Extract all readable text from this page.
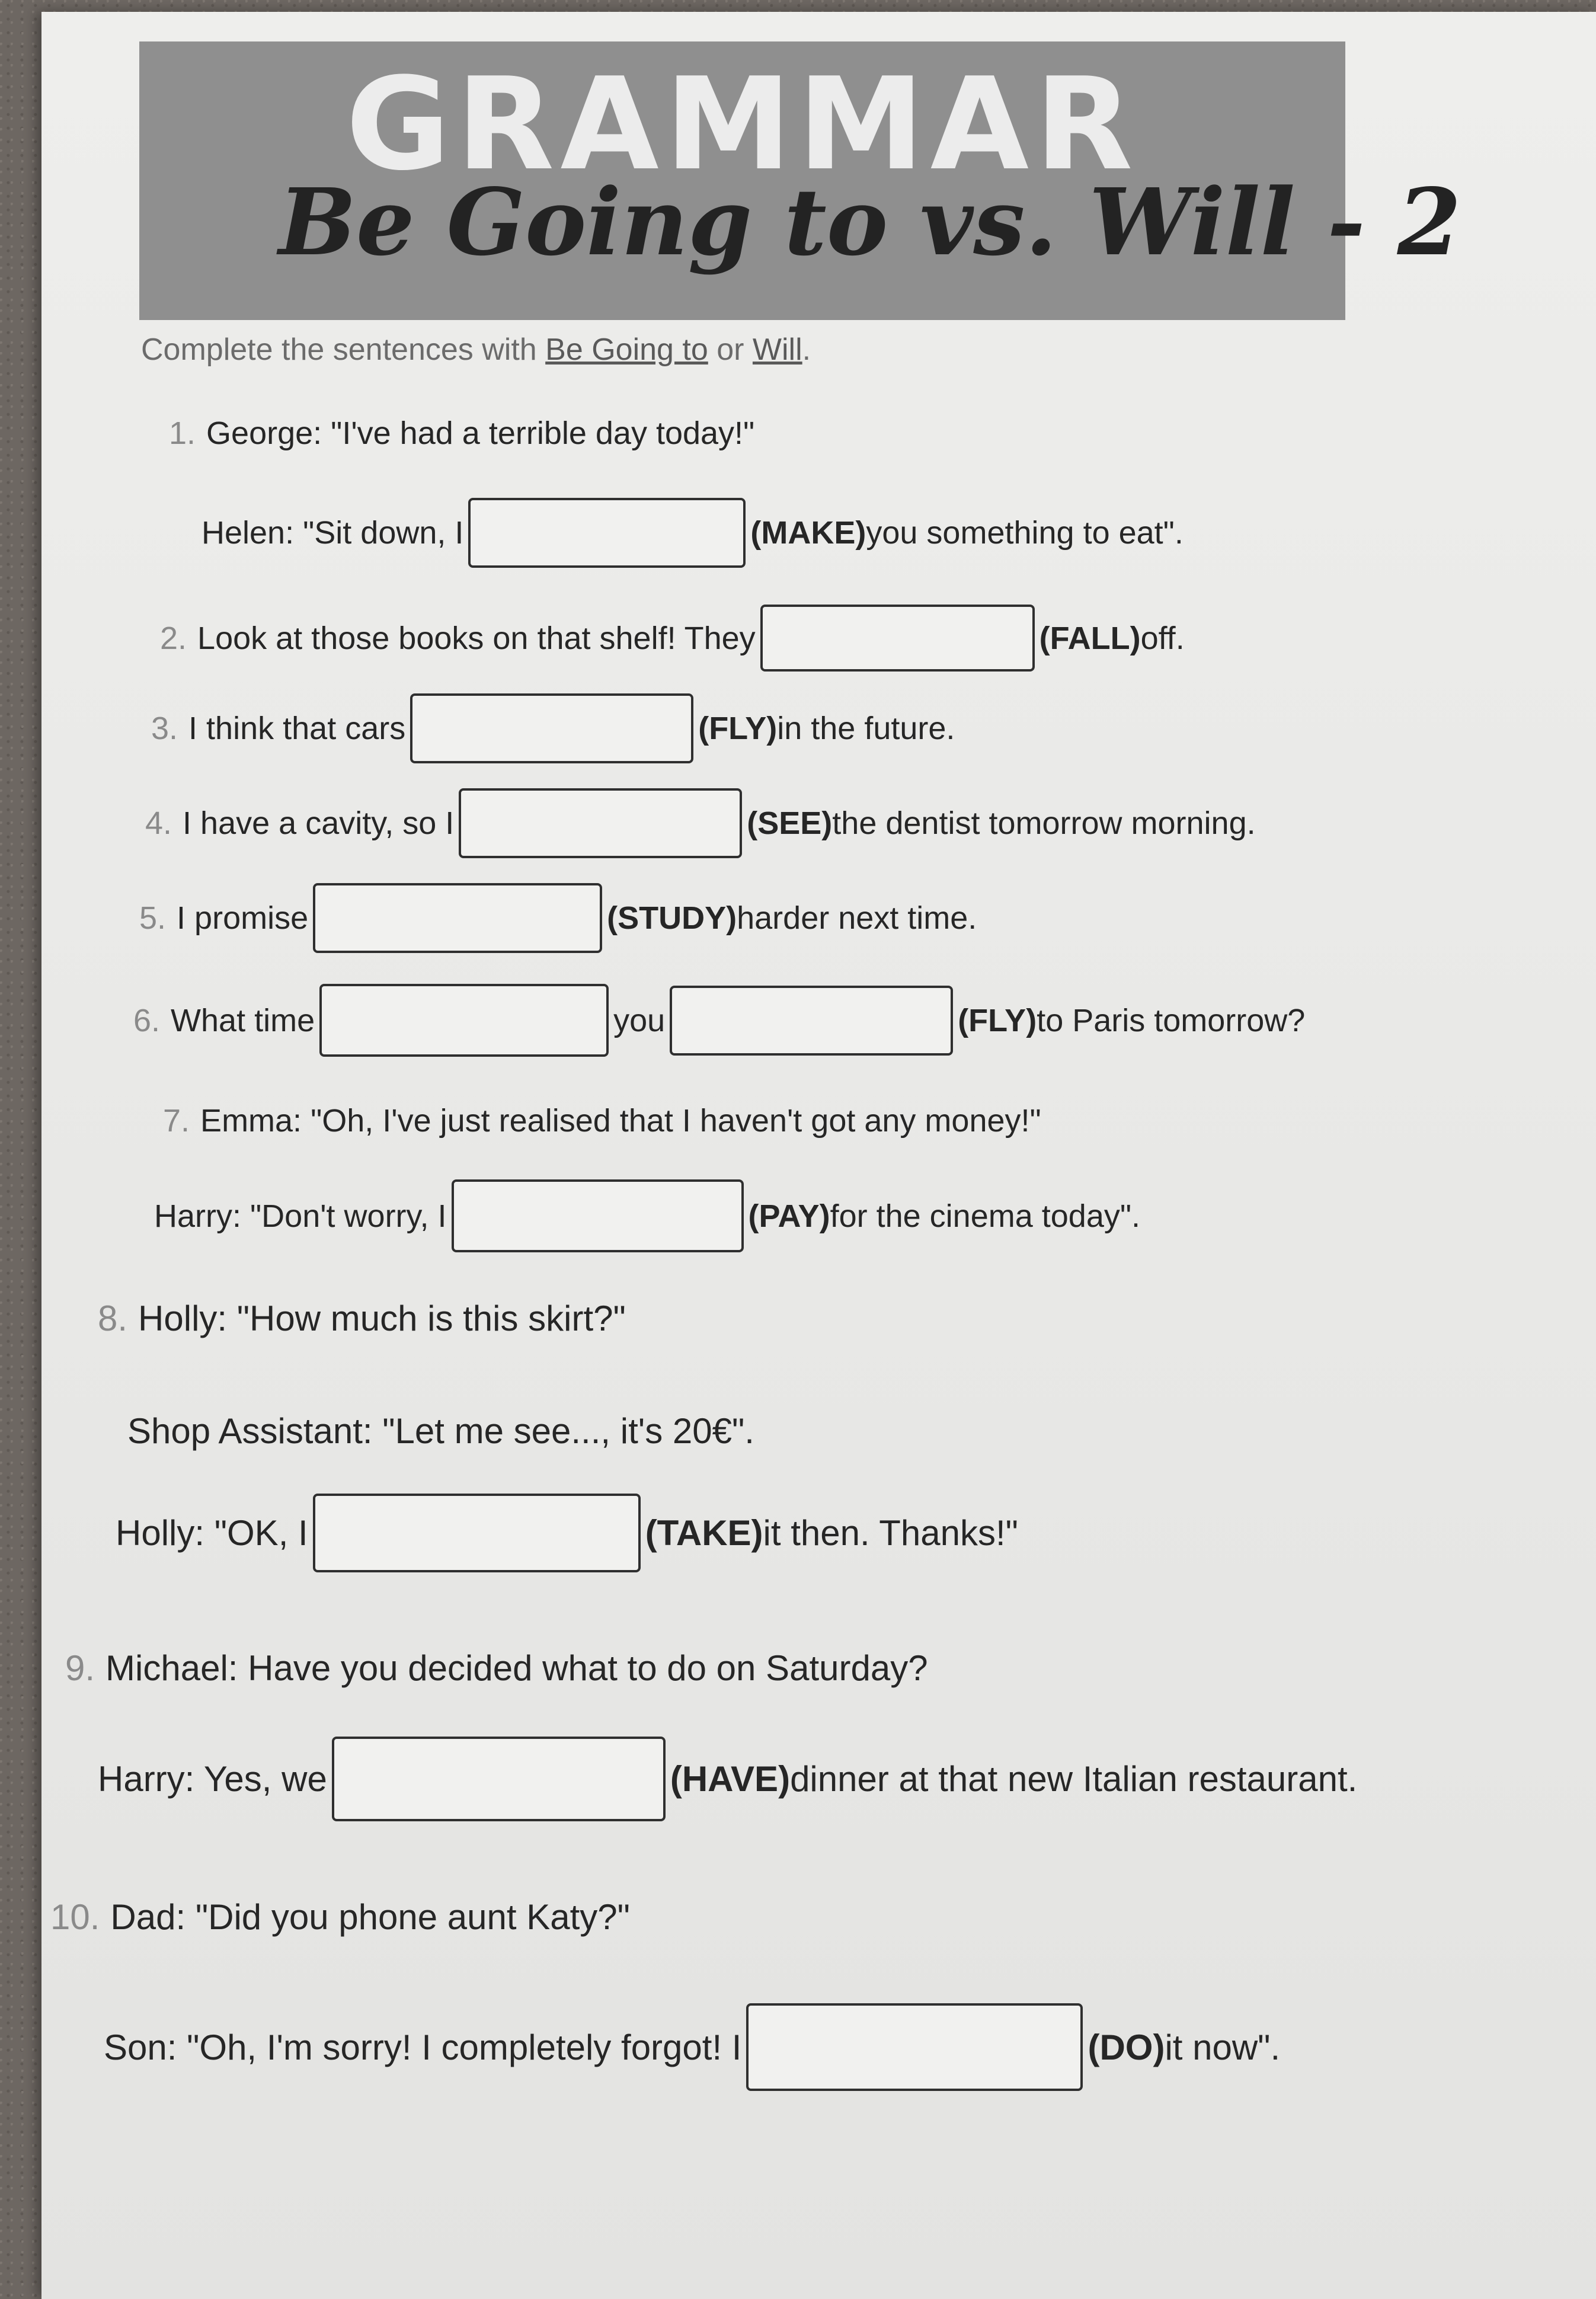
GRAMMAR
Be Going to vs. Will - 2
Complete the sentences with Be Going to or Will.
1. George: "I've had a terrible day today!"
Helen: "Sit down, I	(MAKE) you something to eat".
2. Look at those books on that shelf! They	(FALL) off.
3. I think that cars	(FLY) in the future.
4. I have a cavity, so I	(SEE) the dentist tomorrow morning.
5. I promise	(STUDY) harder next time.
6. What time	you	(FLY) to Paris tomorrow?
7. Emma: "Oh, I've just realised that I haven't got any money!"
Harry: "Don't worry, I	(PAY) for the cinema today".
8. Holly: "How much is this skirt?"
Shop Assistant: "Let me see..., it's 20€".
Holly: "OK, I	(TAKE) it then. Thanks!"
9. Michael: Have you decided what to do on Saturday?
Harry: Yes, we	(HAVE) dinner at that new Italian restaurant.
10. Dad: "Did you phone aunt Katy?"
Son: "Oh, I'm sorry! I completely forgot! I	(DO) it now".
